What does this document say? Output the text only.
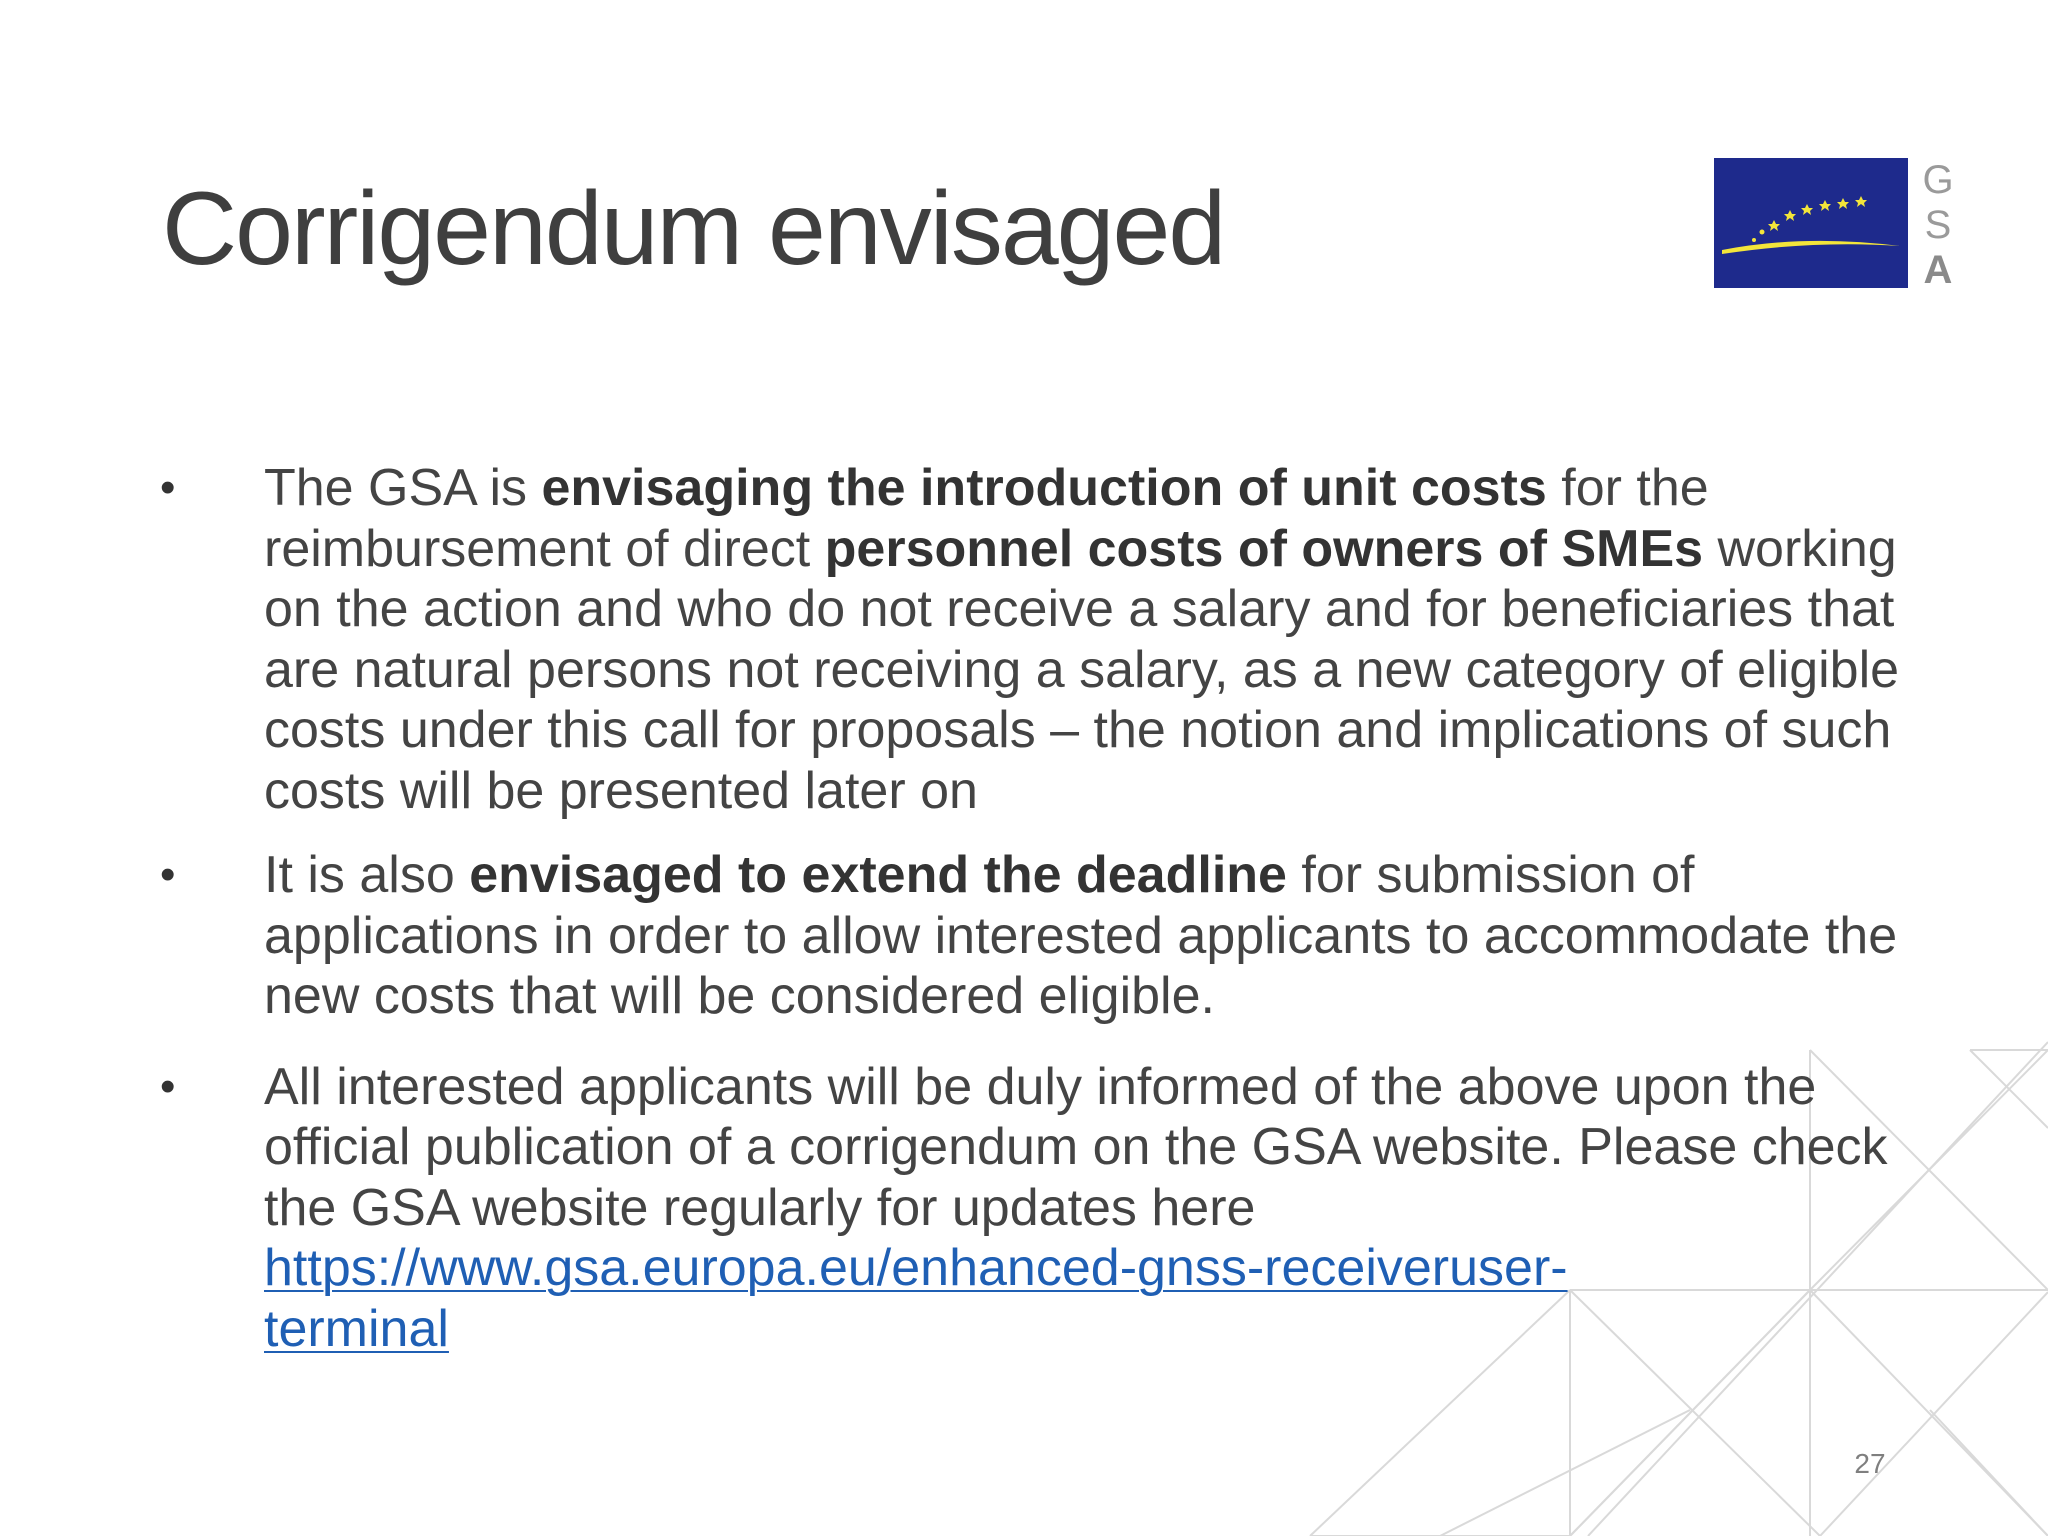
Corrigendum envisaged	G
S
A
• The GSA is envisaging the introduction of unit costs for the reimbursement of direct personnel costs of owners of SMEs working on the action and who do not receive a salary and for beneficiaries that are natural persons not receiving a salary, as a new category of eligible costs under this call for proposals – the notion and implications of such costs will be presented later on
• It is also envisaged to extend the deadline for submission of applications in order to allow interested applicants to accommodate the new costs that will be considered eligible.
• All interested applicants will be duly informed of the above upon the official publication of a corrigendum on the GSA website. Please check the GSA website regularly for updates here
https://www.gsa.europa.eu/enhanced-gnss-receiveruser-
terminal
27
